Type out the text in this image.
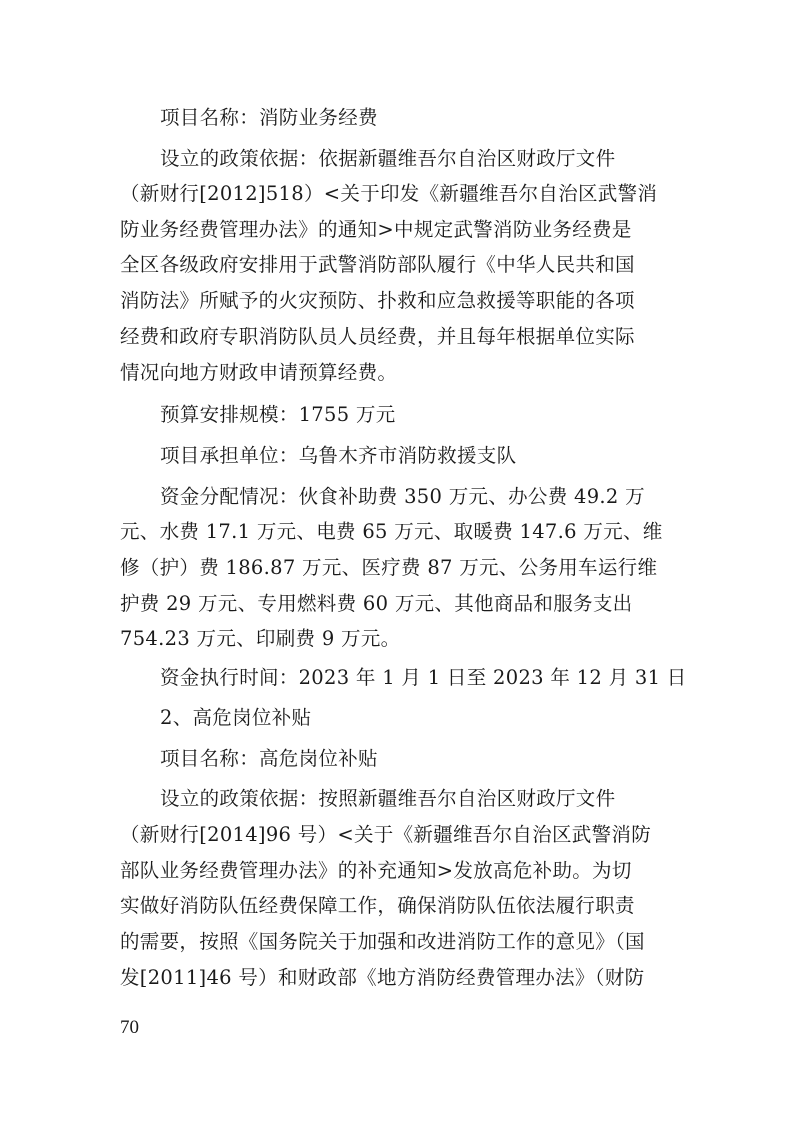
项目名称：消防业务经费
设立的政策依据：依据新疆维吾尔自治区财政厅文件
（新财行[2012]518）<关于印发《新疆维吾尔自治区武警消
防业务经费管理办法》的通知>中规定武警消防业务经费是
全区各级政府安排用于武警消防部队履行《中华人民共和国
消防法》所赋予的火灾预防、扑救和应急救援等职能的各项
经费和政府专职消防队员人员经费，并且每年根据单位实际
情况向地方财政申请预算经费。
预算安排规模：1755 万元
项目承担单位：乌鲁木齐市消防救援支队
资金分配情况：伙食补助费 350 万元、办公费 49.2 万
元、水费 17.1 万元、电费 65 万元、取暖费 147.6 万元、维
修（护）费 186.87 万元、医疗费 87 万元、公务用车运行维
护费 29 万元、专用燃料费 60 万元、其他商品和服务支出
754.23 万元、印刷费 9 万元。
资金执行时间：2023 年 1 月 1 日至 2023 年 12 月 31 日
2、高危岗位补贴
项目名称：高危岗位补贴
设立的政策依据：按照新疆维吾尔自治区财政厅文件
（新财行[2014]96 号）<关于《新疆维吾尔自治区武警消防
部队业务经费管理办法》的补充通知>发放高危补助。为切
实做好消防队伍经费保障工作，确保消防队伍依法履行职责
的需要，按照《国务院关于加强和改进消防工作的意见》（国
发[2011]46 号）和财政部《地方消防经费管理办法》（财防
70
